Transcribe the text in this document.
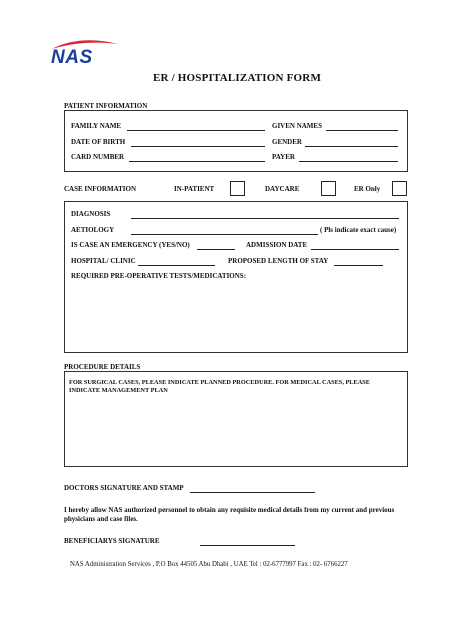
NAS
ER / HOSPITALIZATION FORM
PATIENT INFORMATION
FAMILY NAME	GIVEN NAMES
DATE OF BIRTH	GENDER
CARD NUMBER	PAYER
CASE INFORMATION	IN-PATIENT	DAYCARE	ER Only
DIAGNOSIS
AETIOLOGY	( Pls indicate exact cause)
IS CASE AN EMERGENCY (YES/NO)	ADMISSION DATE
HOSPITAL/ CLINIC	PROPOSED LENGTH OF STAY
REQUIRED PRE-OPERATIVE TESTS/MEDICATIONS:
PROCEDURE DETAILS
FOR SURGICAL CASES, PLEASE INDICATE PLANNED PROCEDURE. FOR MEDICAL CASES, PLEASE INDICATE MANAGEMENT PLAN
DOCTORS SIGNATURE AND STAMP
I hereby allow NAS authorized personnel to obtain any requisite medical details from my current and previous physicians and case files.
BENEFICIARYS SIGNATURE
NAS Administration Services , P.O Box 44505 Abu Dhabi , UAE Tel : 02-6777997 Fax : 02- 6766227
